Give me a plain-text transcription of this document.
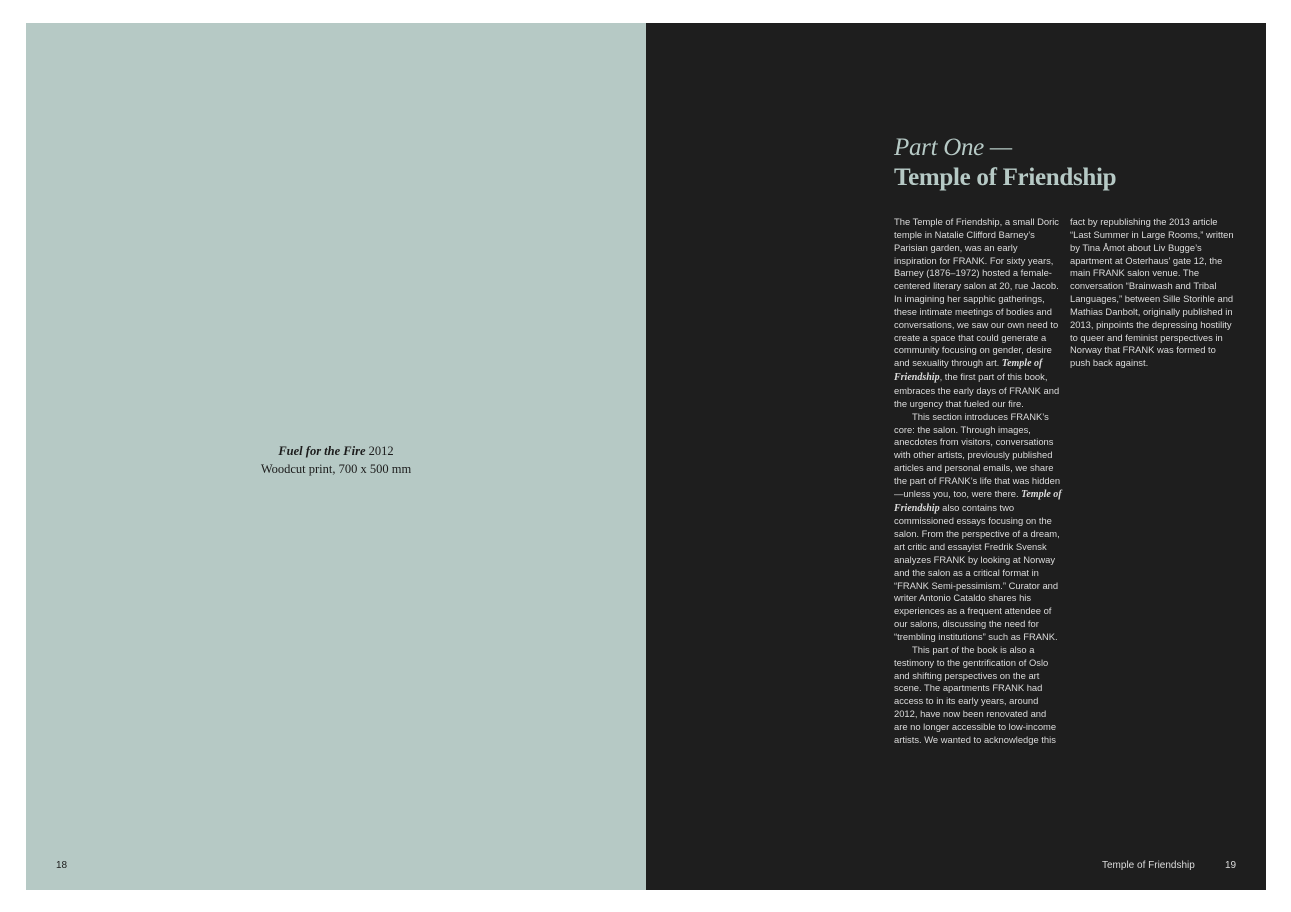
Fuel for the Fire 2012
Woodcut print, 700 x 500 mm
18
Part One —
Temple of Friendship

The Temple of Friendship, a small Doric temple in Natalie Clifford Barney’s Parisian garden, was an early inspiration for FRANK. For sixty years, Barney (1876–1972) hosted a female-centered literary salon at 20, rue Jacob. In imagining her sapphic gatherings, these intimate meetings of bodies and conversations, we saw our own need to create a space that could generate a community focusing on gender, desire and sexuality through art. Temple of Friendship, the first part of this book, embraces the early days of FRANK and the urgency that fueled our fire.

This section introduces FRANK’s core: the salon. Through images, anecdotes from visitors, conversations with other artists, previously published articles and personal emails, we share the part of FRANK’s life that was hidden—unless you, too, were there. Temple of Friendship also contains two commissioned essays focusing on the salon. From the perspective of a dream, art critic and essayist Fredrik Svensk analyzes FRANK by looking at Norway and the salon as a critical format in “FRANK Semi-pessimism.” Curator and writer Antonio Cataldo shares his experiences as a frequent attendee of our salons, discussing the need for “trembling institutions” such as FRANK.

This part of the book is also a testimony to the gentrification of Oslo and shifting perspectives on the art scene. The apartments FRANK had access to in its early years, around 2012, have now been renovated and are no longer accessible to low-income artists. We wanted to acknowledge this

fact by republishing the 2013 article “Last Summer in Large Rooms,” written by Tina Åmot about Liv Bugge’s apartment at Osterhaus’ gate 12, the main FRANK salon venue. The conversation “Brainwash and Tribal Languages,” between Sille Storihle and Mathias Danbolt, originally published in 2013, pinpoints the depressing hostility to queer and feminist perspectives in Norway that FRANK was formed to push back against.

Temple of Friendship	19
